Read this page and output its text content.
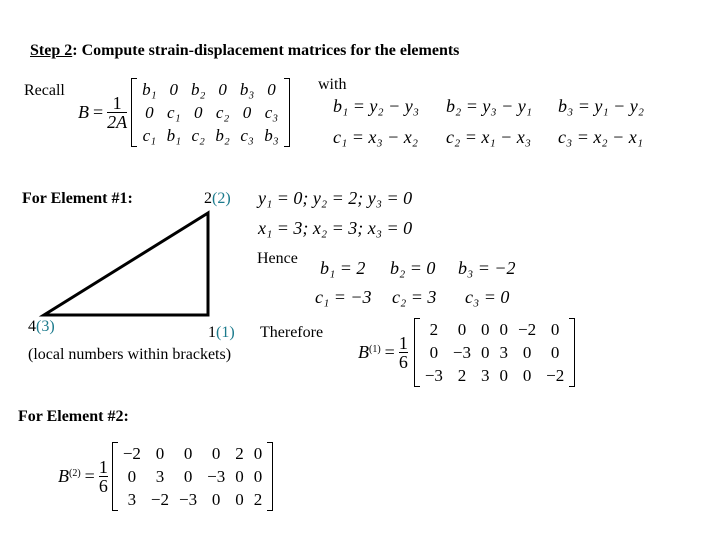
Step 2: Compute strain-displacement matrices for the elements
Recall
$B = \frac{1}{2A}$
b₁	0	b₂	0	b₃	0
0	c₁	0	c₂	0	c₃
c₁	b₁	c₂	b₂	c₃	b₃
with
b₁ = y₂ − y₃ b₂ = y₃ − y₁ b₃ = y₁ − y₂
c₁ = x₃ − x₂ c₂ = x₁ − x₃ c₃ = x₂ − x₁
For Element #1:	2(2)
4(3)	1(1)
(local numbers within brackets)
y₁ = 0; y₂ = 2; y₃ = 0
x₁ = 3; x₂ = 3; x₃ = 0
Hence b₁ = 2 b₂ = 0 b₃ = −2
c₁ = −3 c₂ = 3 c₃ = 0
Therefore
$B^{(1)} = \frac{1}{6}$
2	0	0	0	−2	0
0	−3	0	3	0	0
−3	2	3	0	0	−2
For Element #2:
$B^{(2)} = \frac{1}{6}$
−2	0	0	0	2	0
0	3	0	−3	0	0
3	−2	−3	0	0	2
